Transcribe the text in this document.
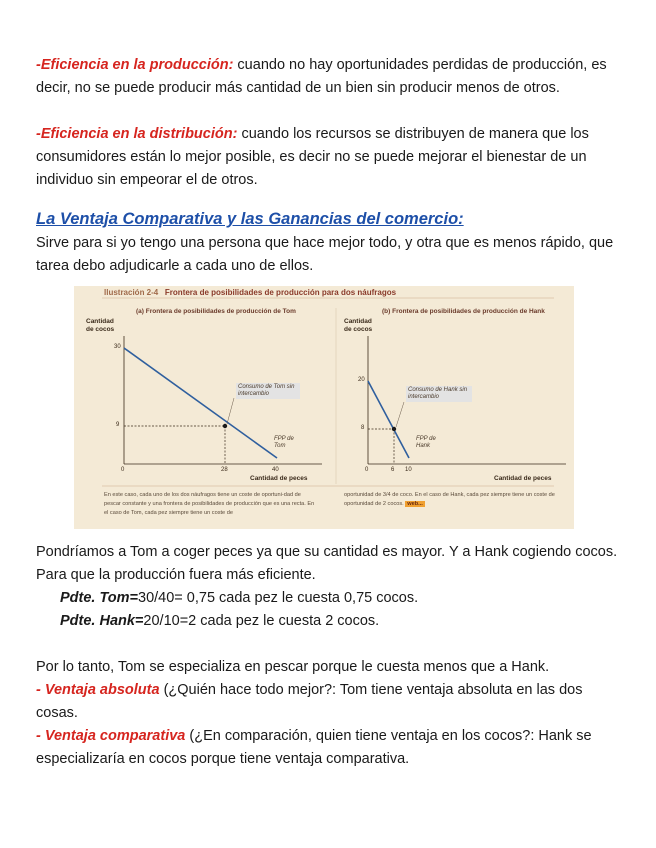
-Eficiencia en la producción: cuando no hay oportunidades perdidas de producción, es decir, no se puede producir más cantidad de un bien sin producir menos de otros.

-Eficiencia en la distribución: cuando los recursos se distribuyen de manera que los consumidores están lo mejor posible, es decir no se puede mejorar el bienestar de un individuo sin empeorar el de otros.

La Ventaja Comparativa y las Ganancias del comercio:

Sirve para si yo tengo una persona que hace mejor todo, y otra que es menos rápido, que tarea debo adjudicarle a cada uno de ellos.

Ilustración 2-4 Frontera de posibilidades de producción para dos náufragos
(a) Frontera de posibilidades de producción de Tom
Cantidad de cocos
30
9
0	28	40
Cantidad de peces
Consumo de Tom sin intercambio
FPP de Tom
(b) Frontera de posibilidades de producción de Hank
Cantidad de cocos
20
8
0	6 10
Cantidad de peces
Consumo de Hank sin intercambio
FPP de Hank
En este caso, cada uno de los dos náufragos tiene un coste de oportuni-dad de pescar constante y una frontera de posibilidades de producción que es una recta. En el caso de Tom, cada pez siempre tiene un coste de
oportunidad de 3/4 de coco. En el caso de Hank, cada pez siempre tiene un coste de oportunidad de 2 cocos. web...

Pondríamos a Tom a coger peces ya que su cantidad es mayor. Y a Hank cogiendo cocos. Para que la producción fuera más eficiente.

Pdte. Tom=30/40= 0,75 cada pez le cuesta 0,75 cocos.

Pdte. Hank=20/10=2 cada pez le cuesta 2 cocos.

Por lo tanto, Tom se especializa en pescar porque le cuesta menos que a Hank.

- Ventaja absoluta (¿Quién hace todo mejor?: Tom tiene ventaja absoluta en las dos cosas.

- Ventaja comparativa (¿En comparación, quien tiene ventaja en los cocos?: Hank se especializaría en cocos porque tiene ventaja comparativa.
